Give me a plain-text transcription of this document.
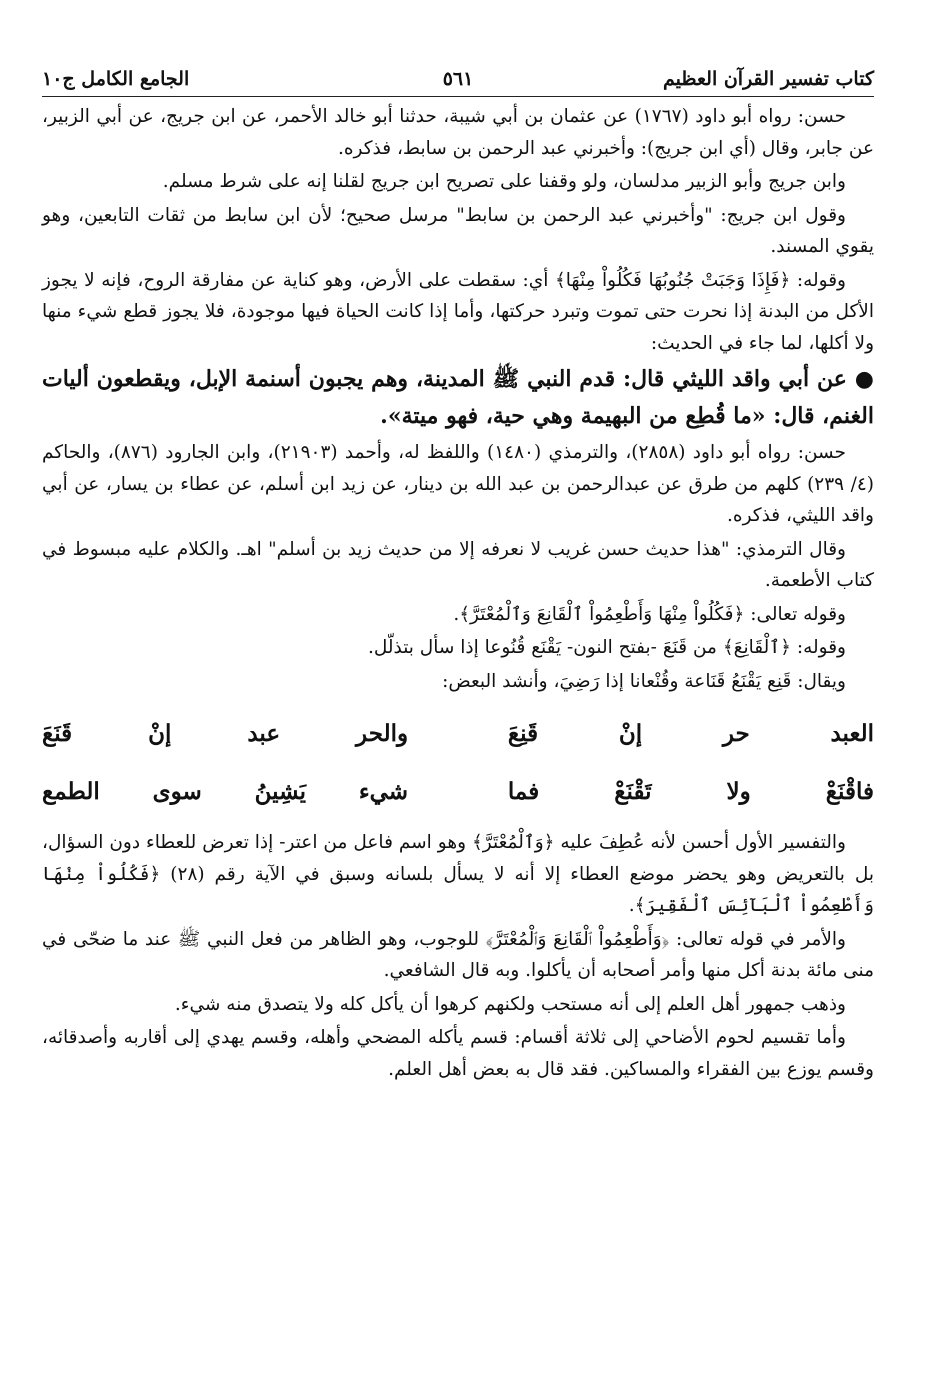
كتاب تفسير القرآن العظيم
٥٦١
الجامع الكامل ج١٠

حسن: رواه أبو داود (١٧٦٧) عن عثمان بن أبي شيبة، حدثنا أبو خالد الأحمر، عن ابن جريج، عن أبي الزبير، عن جابر، وقال (أي ابن جريج): وأخبرني عبد الرحمن بن سابط، فذكره.

وابن جريج وأبو الزبير مدلسان، ولو وقفنا على تصريح ابن جريج لقلنا إنه على شرط مسلم.

وقول ابن جريج: "وأخبرني عبد الرحمن بن سابط" مرسل صحيح؛ لأن ابن سابط من ثقات التابعين، وهو يقوي المسند.

وقوله: ﴿فَإِذَا وَجَبَتْ جُنُوبُهَا فَكُلُواْ مِنْهَا﴾ أي: سقطت على الأرض، وهو كناية عن مفارقة الروح، فإنه لا يجوز الأكل من البدنة إذا نحرت حتى تموت وتبرد حركتها، وأما إذا كانت الحياة فيها موجودة، فلا يجوز قطع شيء منها ولا أكلها، لما جاء في الحديث:

● عن أبي واقد الليثي قال: قدم النبي ﷺ المدينة، وهم يجبون أسنمة الإبل، ويقطعون أليات الغنم، قال: «ما قُطِع من البهيمة وهي حية، فهو ميتة».

حسن: رواه أبو داود (٢٨٥٨)، والترمذي (١٤٨٠) واللفظ له، وأحمد (٢١٩٠٣)، وابن الجارود (٨٧٦)، والحاكم (٤/ ٢٣٩) كلهم من طرق عن عبدالرحمن بن عبد الله بن دينار، عن زيد ابن أسلم، عن عطاء بن يسار، عن أبي واقد الليثي، فذكره.

وقال الترمذي: "هذا حديث حسن غريب لا نعرفه إلا من حديث زيد بن أسلم" اهـ. والكلام عليه مبسوط في كتاب الأطعمة.

وقوله تعالى: ﴿فَكُلُواْ مِنْهَا وَأَطْعِمُواْ ٱلْقَانِعَ وَٱلْمُعْتَرَّ﴾.

وقوله: ﴿ٱلْقَانِعَ﴾ من قَنَعَ -بفتح النون- يَقْنَع قُنُوعا إذا سأل بتذلّل.

ويقال: قَنِع يَقْنَعُ قَنَاعة وقُنْعانا إذا رَضِيَ، وأنشد البعض:

العبد حر إنْ قَنِعَ
والحر عبد إنْ قَنَعَ
فاقْنَعْ ولا تَقْنَعْ فما
شيء يَشِينُ سوى الطمع

والتفسير الأول أحسن لأنه عُطِفَ عليه ﴿وَٱلْمُعْتَرَّ﴾ وهو اسم فاعل من اعتر- إذا تعرض للعطاء دون السؤال، بل بالتعريض وهو يحضر موضع العطاء إلا أنه لا يسأل بلسانه وسبق في الآية رقم (٢٨) ﴿فَكُلُواْ مِنْهَا وَأَطْعِمُواْ ٱلْبَآئِسَ ٱلْفَقِيرَ﴾.

والأمر في قوله تعالى: ﴿وَأَطْعِمُواْ ٱلْقَانِعَ وَٱلْمُعْتَرَّ﴾ للوجوب، وهو الظاهر من فعل النبي ﷺ عند ما ضحّى في منى مائة بدنة أكل منها وأمر أصحابه أن يأكلوا. وبه قال الشافعي.

وذهب جمهور أهل العلم إلى أنه مستحب ولكنهم كرهوا أن يأكل كله ولا يتصدق منه شيء.

وأما تقسيم لحوم الأضاحي إلى ثلاثة أقسام: قسم يأكله المضحي وأهله، وقسم يهدي إلى أقاربه وأصدقائه، وقسم يوزع بين الفقراء والمساكين. فقد قال به بعض أهل العلم.
